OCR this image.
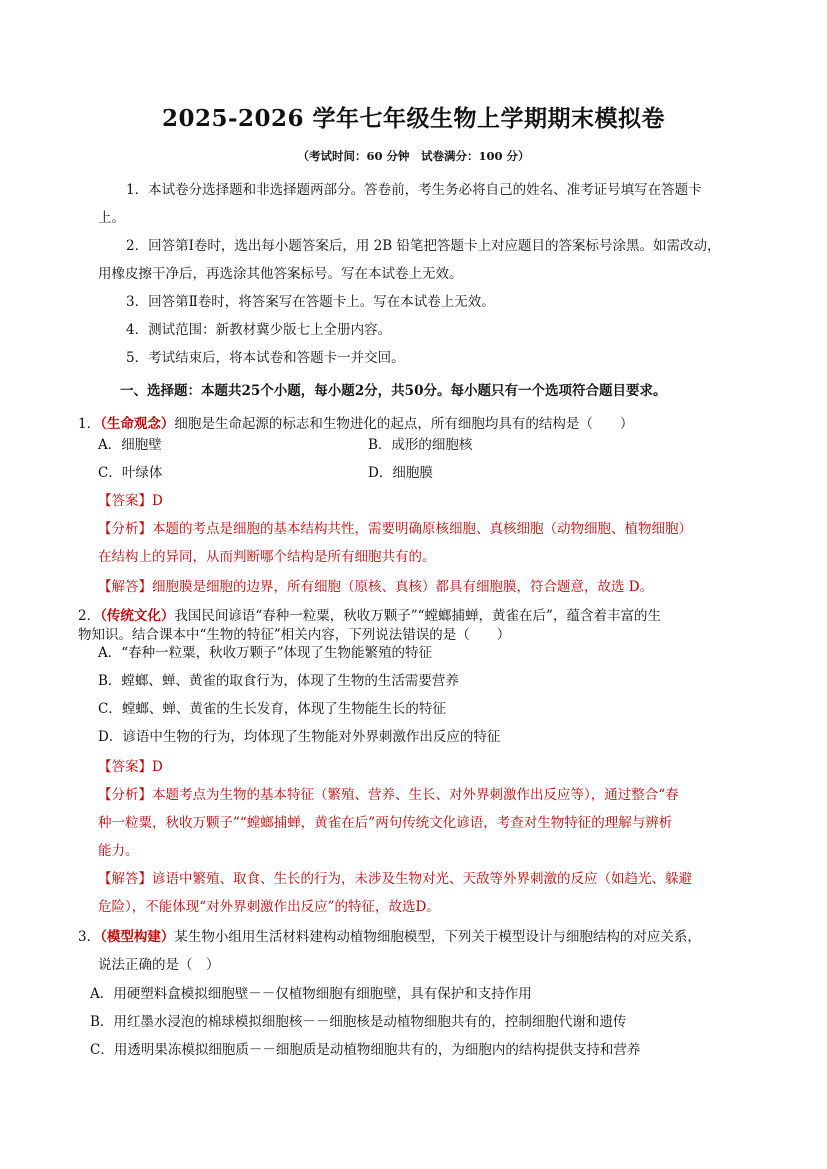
2025-2026 学年七年级生物上学期期末模拟卷
（考试时间：60 分钟　试卷满分：100 分）
1．本试卷分选择题和非选择题两部分。答卷前，考生务必将自己的姓名、准考证号填写在答题卡
上。
2．回答第Ⅰ卷时，选出每小题答案后，用 2B 铅笔把答题卡上对应题目的答案标号涂黑。如需改动，
用橡皮擦干净后，再选涂其他答案标号。写在本试卷上无效。
3．回答第Ⅱ卷时，将答案写在答题卡上。写在本试卷上无效。
4．测试范围：新教材冀少版七上全册内容。
5．考试结束后，将本试卷和答题卡一并交回。
一、选择题：本题共25个小题，每小题2分，共50分。每小题只有一个选项符合题目要求。
1．（生命观念）细胞是生命起源的标志和生物进化的起点，所有细胞均具有的结构是（　　）
A．细胞壁	B．成形的细胞核
C．叶绿体	D．细胞膜
【答案】D
【分析】本题的考点是细胞的基本结构共性，需要明确原核细胞、真核细胞（动物细胞、植物细胞）
在结构上的异同，从而判断哪个结构是所有细胞共有的。
【解答】细胞膜是细胞的边界，所有细胞（原核、真核）都具有细胞膜，符合题意，故选 D。
2．（传统文化）我国民间谚语“春种一粒粟，秋收万颗子”“螳螂捕蝉，黄雀在后”，蕴含着丰富的生
物知识。结合课本中“生物的特征”相关内容，下列说法错误的是（　　）
A．“春种一粒粟，秋收万颗子”体现了生物能繁殖的特征
B．螳螂、蝉、黄雀的取食行为，体现了生物的生活需要营养
C．螳螂、蝉、黄雀的生长发育，体现了生物能生长的特征
D．谚语中生物的行为，均体现了生物能对外界刺激作出反应的特征
【答案】D
【分析】本题考点为生物的基本特征（繁殖、营养、生长、对外界刺激作出反应等），通过整合“春
种一粒粟，秋收万颗子”“螳螂捕蝉，黄雀在后”两句传统文化谚语，考查对生物特征的理解与辨析
能力。
【解答】谚语中繁殖、取食、生长的行为，未涉及生物对光、天敌等外界刺激的反应（如趋光、躲避
危险），不能体现“对外界刺激作出反应”的特征，故选D。
3．（模型构建）某生物小组用生活材料建构动植物细胞模型，下列关于模型设计与细胞结构的对应关系，
说法正确的是（　）
A．用硬塑料盒模拟细胞壁－－仅植物细胞有细胞壁，具有保护和支持作用
B．用红墨水浸泡的棉球模拟细胞核－－细胞核是动植物细胞共有的，控制细胞代谢和遗传
C．用透明果冻模拟细胞质－－细胞质是动植物细胞共有的，为细胞内的结构提供支持和营养
